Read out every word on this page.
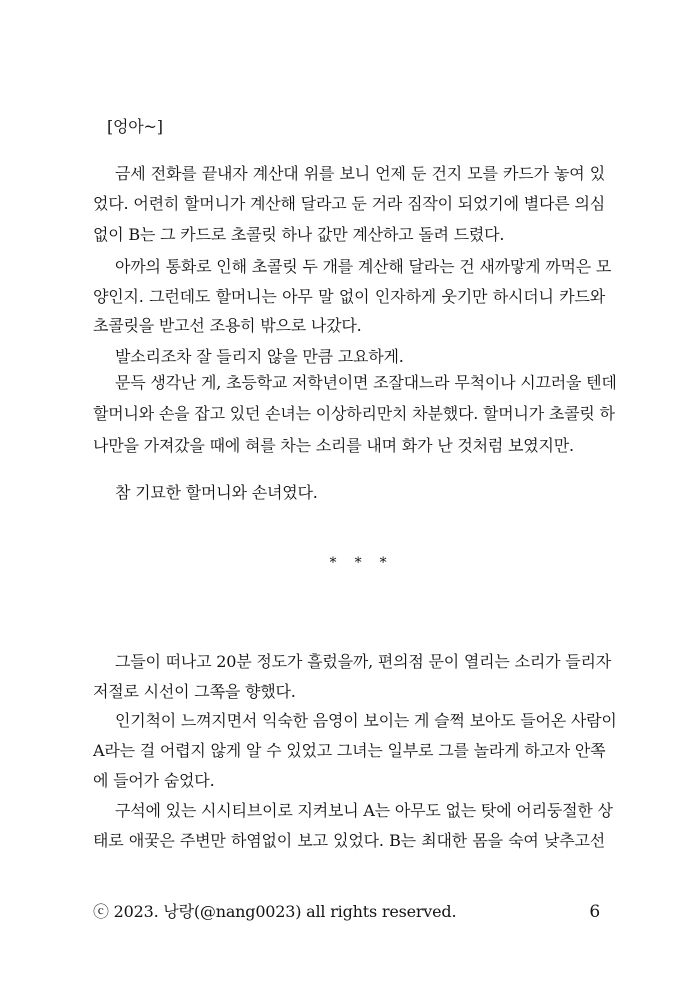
[엉아~]
금세 전화를 끝내자 계산대 위를 보니 언제 둔 건지 모를 카드가 놓여 있
었다. 어련히 할머니가 계산해 달라고 둔 거라 짐작이 되었기에 별다른 의심
없이 B는 그 카드로 초콜릿 하나 값만 계산하고 돌려 드렸다.
아까의 통화로 인해 초콜릿 두 개를 계산해 달라는 건 새까맣게 까먹은 모
양인지. 그런데도 할머니는 아무 말 없이 인자하게 웃기만 하시더니 카드와
초콜릿을 받고선 조용히 밖으로 나갔다.
발소리조차 잘 들리지 않을 만큼 고요하게.
문득 생각난 게, 초등학교 저학년이면 조잘대느라 무척이나 시끄러울 텐데
할머니와 손을 잡고 있던 손녀는 이상하리만치 차분했다. 할머니가 초콜릿 하
나만을 가져갔을 때에 혀를 차는 소리를 내며 화가 난 것처럼 보였지만.
참 기묘한 할머니와 손녀였다.
* * *
그들이 떠나고 20분 정도가 흘렀을까, 편의점 문이 열리는 소리가 들리자
저절로 시선이 그쪽을 향했다.
인기척이 느껴지면서 익숙한 음영이 보이는 게 슬쩍 보아도 들어온 사람이
A라는 걸 어렵지 않게 알 수 있었고 그녀는 일부로 그를 놀라게 하고자 안쪽
에 들어가 숨었다.
구석에 있는 시시티브이로 지켜보니 A는 아무도 없는 탓에 어리둥절한 상
태로 애꿎은 주변만 하염없이 보고 있었다. B는 최대한 몸을 숙여 낮추고선
ⓒ 2023. 낭랑(@nang0023) all rights reserved.	6
